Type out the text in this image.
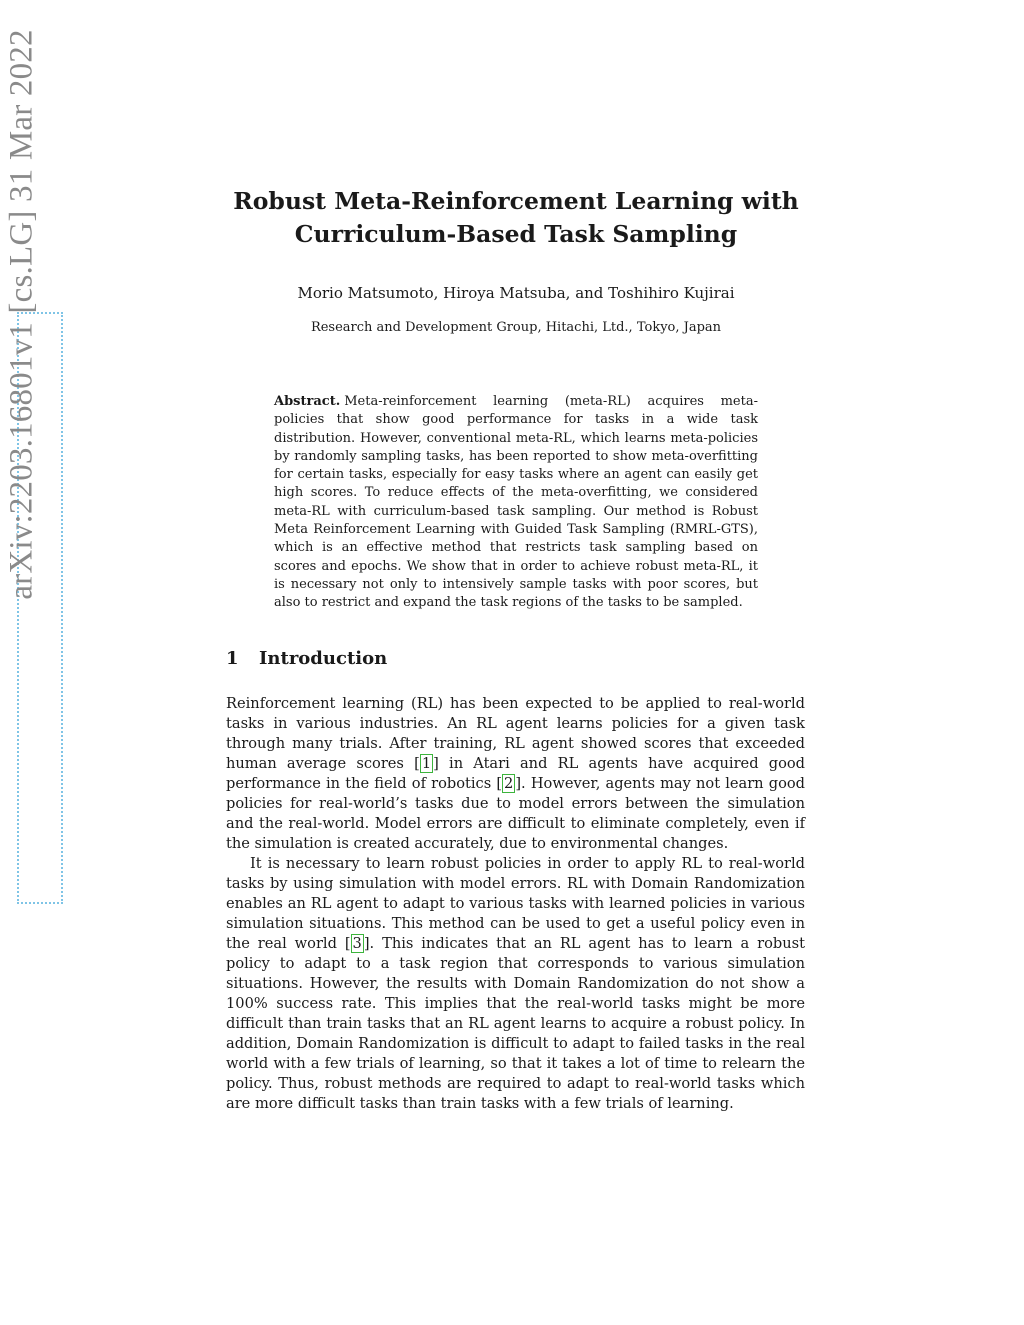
arXiv:2203.16801v1 [cs.LG] 31 Mar 2022	Robust Meta-Reinforcement Learning with
Curriculum-Based Task Sampling
Morio Matsumoto, Hiroya Matsuba, and Toshihiro Kujirai
Research and Development Group, Hitachi, Ltd., Tokyo, Japan
Abstract. Meta-reinforcement learning (meta-RL) acquires meta-policies that show good performance for tasks in a wide task distribution. However, conventional meta-RL, which learns meta-policies by randomly sampling tasks, has been reported to show meta-overfitting for certain tasks, especially for easy tasks where an agent can easily get high scores. To reduce effects of the meta-overfitting, we considered meta-RL with curriculum-based task sampling. Our method is Robust Meta Reinforcement Learning with Guided Task Sampling (RMRL-GTS), which is an effective method that restricts task sampling based on scores and epochs. We show that in order to achieve robust meta-RL, it is necessary not only to intensively sample tasks with poor scores, but also to restrict and expand the task regions of the tasks to be sampled.
1 Introduction

Reinforcement learning (RL) has been expected to be applied to real-world tasks in various industries. An RL agent learns policies for a given task through many trials. After training, RL agent showed scores that exceeded human average scores [ 1 ] in Atari and RL agents have acquired good performance in the field of robotics [ 2 ]. However, agents may not learn good policies for real-world’s tasks due to model errors between the simulation and the real-world. Model errors are difficult to eliminate completely, even if the simulation is created accurately, due to environmental changes.

It is necessary to learn robust policies in order to apply RL to real-world tasks by using simulation with model errors. RL with Domain Randomization enables an RL agent to adapt to various tasks with learned policies in various simulation situations. This method can be used to get a useful policy even in the real world [ 3 ]. This indicates that an RL agent has to learn a robust policy to adapt to a task region that corresponds to various simulation situations. However, the results with Domain Randomization do not show a 100% success rate. This implies that the real-world tasks might be more difficult than train tasks that an RL agent learns to acquire a robust policy. In addition, Domain Randomization is difficult to adapt to failed tasks in the real world with a few trials of learning, so that it takes a lot of time to relearn the policy. Thus, robust methods are required to adapt to real-world tasks which are more difficult tasks than train tasks with a few trials of learning.
